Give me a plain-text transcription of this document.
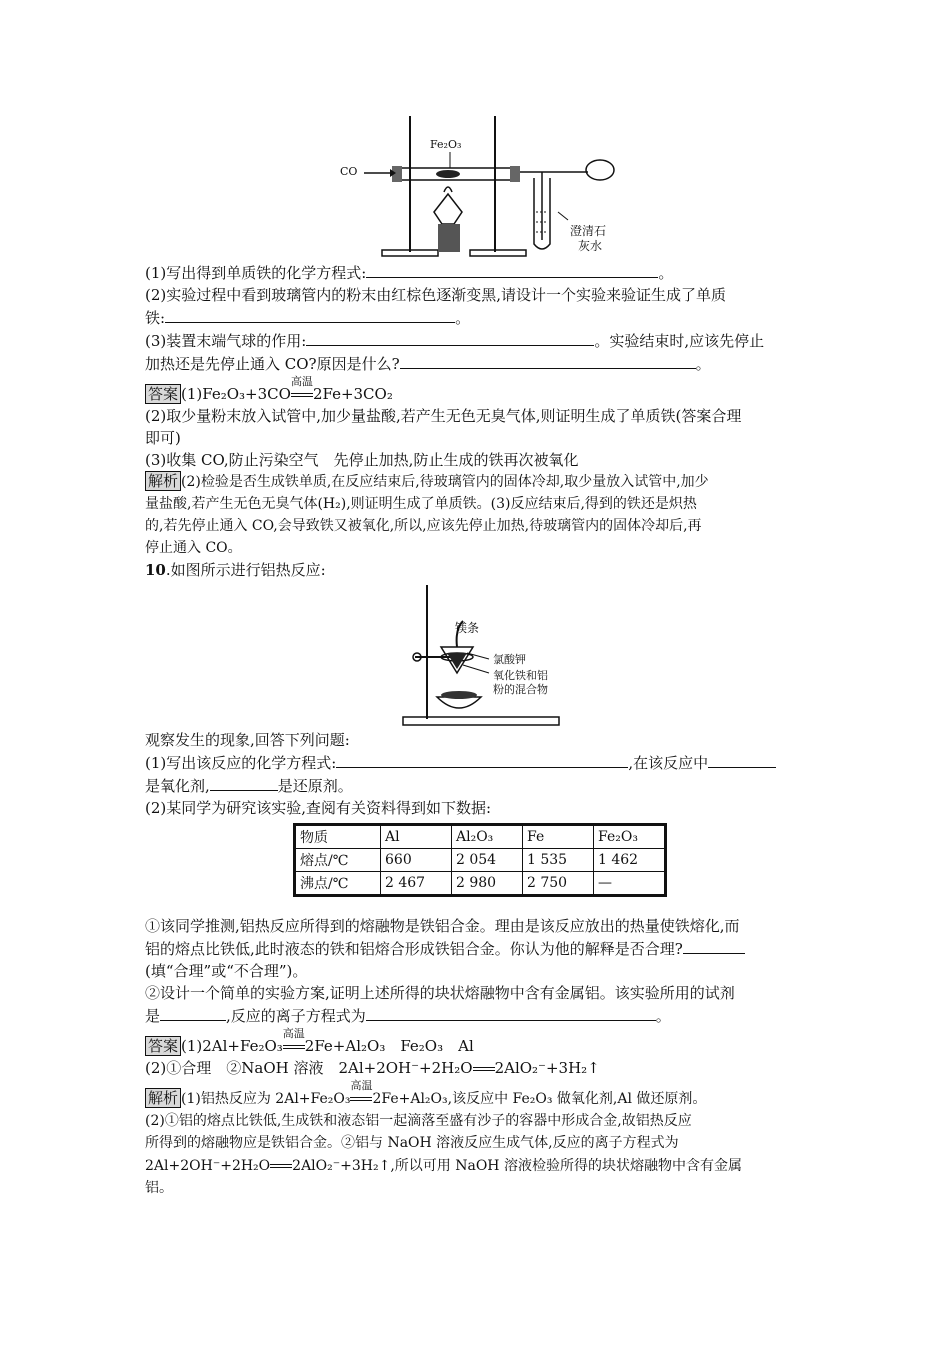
Fe₂O₃
CO
澄清石
灰水
(1)写出得到单质铁的化学方程式:	。
(2)实验过程中看到玻璃管内的粉末由红棕色逐渐变黑,请设计一个实验来验证生成了单质
铁:	。
(3)装置末端气球的作用:	。实验结束时,应该先停止
加热还是先停止通入 CO?原因是什么?	。
答案 (1)Fe₂O₃+3CO
高温
2Fe+3CO₂
(2)取少量粉末放入试管中,加少量盐酸,若产生无色无臭气体,则证明生成了单质铁(答案合理
即可)
(3)收集 CO,防止污染空气　先停止加热,防止生成的铁再次被氧化
解析 (2)检验是否生成铁单质,在反应结束后,待玻璃管内的固体冷却,取少量放入试管中,加少
量盐酸,若产生无色无臭气体(H₂),则证明生成了单质铁。(3)反应结束后,得到的铁还是炽热
的,若先停止通入 CO,会导致铁又被氧化,所以,应该先停止加热,待玻璃管内的固体冷却后,再
停止通入 CO。
10.如图所示进行铝热反应:
镁条
氯酸钾
氧化铁和铝
粉的混合物
观察发生的现象,回答下列问题:
(1)写出该反应的化学方程式:	,在该反应中
是氧化剂,	是还原剂。
(2)某同学为研究该实验,查阅有关资料得到如下数据:
物质	Al	Al₂O₃	Fe	Fe₂O₃
熔点/℃	660	2 054	1 535	1 462
沸点/℃	2 467	2 980	2 750	—
①该同学推测,铝热反应所得到的熔融物是铁铝合金。理由是该反应放出的热量使铁熔化,而
铝的熔点比铁低,此时液态的铁和铝熔合形成铁铝合金。你认为他的解释是否合理?
(填“合理”或“不合理”)。
②设计一个简单的实验方案,证明上述所得的块状熔融物中含有金属铝。该实验所用的试剂
是	,反应的离子方程式为	。
答案 (1)2Al+Fe₂O₃
高温
2Fe+Al₂O₃　Fe₂O₃　Al
(2)①合理　②NaOH 溶液　2Al+2OH⁻+2H₂O 2AlO₂⁻+3H₂↑
解析 (1)铝热反应为 2Al+Fe₂O₃
高温
2Fe+Al₂O₃,该反应中 Fe₂O₃ 做氧化剂,Al 做还原剂。
(2)①铝的熔点比铁低,生成铁和液态铝一起滴落至盛有沙子的容器中形成合金,故铝热反应
所得到的熔融物应是铁铝合金。②铝与 NaOH 溶液反应生成气体,反应的离子方程式为
2Al+2OH⁻+2H₂O 2AlO₂⁻+3H₂↑,所以可用 NaOH 溶液检验所得的块状熔融物中含有金属
铝。
